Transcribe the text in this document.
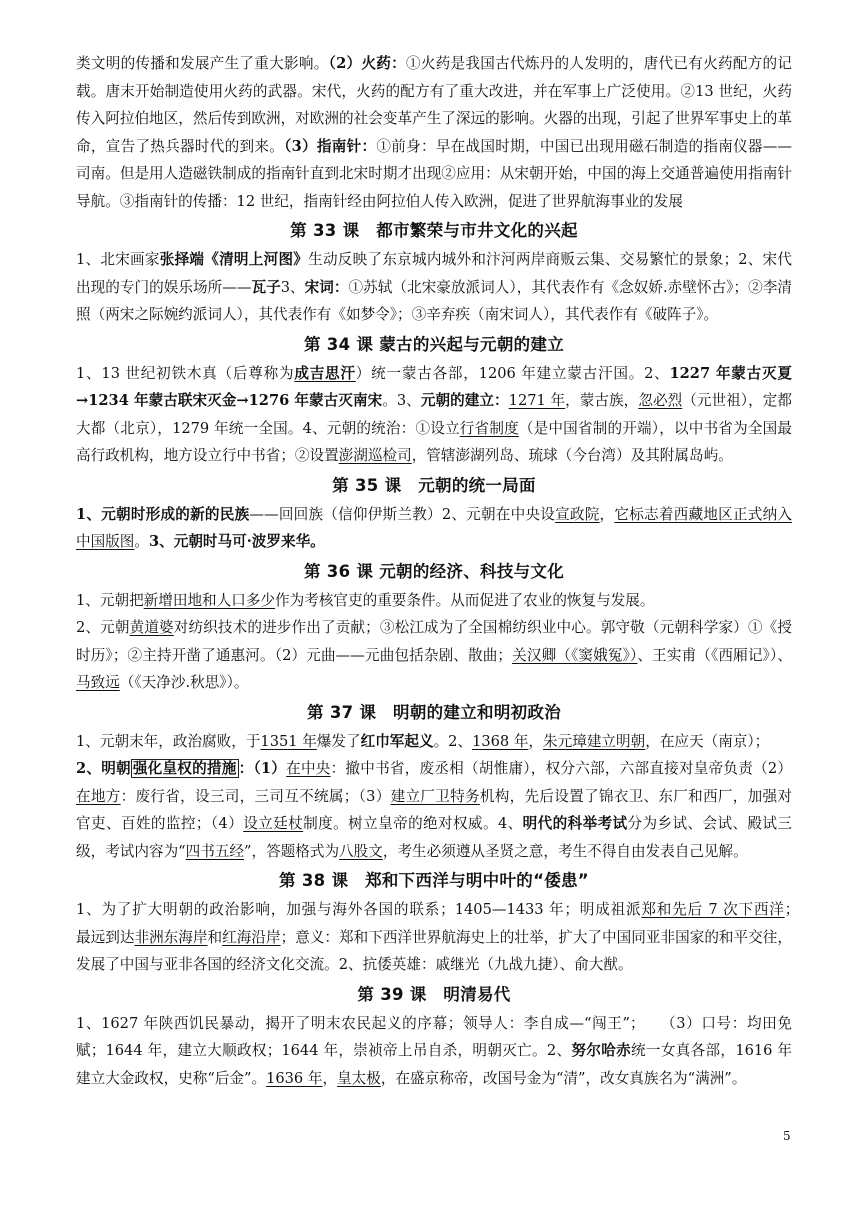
类文明的传播和发展产生了重大影响。（2）火药：①火药是我国古代炼丹的人发明的，唐代已有火药配方的记载。唐末开始制造使用火药的武器。宋代，火药的配方有了重大改进，并在军事上广泛使用。②13 世纪，火药传入阿拉伯地区，然后传到欧洲，对欧洲的社会变革产生了深远的影响。火器的出现，引起了世界军事史上的革命，宣告了热兵器时代的到来。（3）指南针：①前身：早在战国时期，中国已出现用磁石制造的指南仪器——司南。但是用人造磁铁制成的指南针直到北宋时期才出现②应用：从宋朝开始，中国的海上交通普遍使用指南针导航。③指南针的传播：12 世纪，指南针经由阿拉伯人传入欧洲，促进了世界航海事业的发展

第 33 课　都市繁荣与市井文化的兴起

1、北宋画家张择端《清明上河图》生动反映了东京城内城外和汴河两岸商贩云集、交易繁忙的景象；2、宋代出现的专门的娱乐场所——瓦子3、宋词：①苏轼（北宋豪放派词人），其代表作有《念奴娇.赤壁怀古》；②李清照（两宋之际婉约派词人），其代表作有《如梦令》；③辛弃疾（南宋词人），其代表作有《破阵子》。

第 34 课 蒙古的兴起与元朝的建立

1、13 世纪初铁木真（后尊称为成吉思汗）统一蒙古各部，1206 年建立蒙古汗国。2、1227 年蒙古灭夏→1234 年蒙古联宋灭金→1276 年蒙古灭南宋。3、元朝的建立：1271 年，蒙古族，忽必烈（元世祖），定都大都（北京），1279 年统一全国。4、元朝的统治：①设立行省制度（是中国省制的开端），以中书省为全国最高行政机构，地方设立行中书省；②设置澎湖巡检司，管辖澎湖列岛、琉球（今台湾）及其附属岛屿。

第 35 课　元朝的统一局面

1、元朝时形成的新的民族——回回族（信仰伊斯兰教）2、元朝在中央设宣政院，它标志着西藏地区正式纳入中国版图。3、元朝时马可·波罗来华。

第 36 课 元朝的经济、科技与文化

1、元朝把新增田地和人口多少作为考核官吏的重要条件。从而促进了农业的恢复与发展。

2、元朝黄道婆对纺织技术的进步作出了贡献；③松江成为了全国棉纺织业中心。郭守敬（元朝科学家）①《授时历》；②主持开凿了通惠河。（2）元曲——元曲包括杂剧、散曲；关汉卿（《窦娥冤》）、王实甫（《西厢记》）、马致远（《天净沙.秋思》）。

第 37 课　明朝的建立和明初政治

1、元朝末年，政治腐败，于1351 年爆发了红巾军起义。2、1368 年，朱元璋建立明朝，在应天（南京）；

2、明朝 强化皇权的措施 ：（1）在中央：撤中书省，废丞相（胡惟庸），权分六部，六部直接对皇帝负责（2）在地方：废行省，设三司，三司互不统属；（3）建立厂卫特务机构，先后设置了锦衣卫、东厂和西厂，加强对官吏、百姓的监控；（4）设立廷杖制度。树立皇帝的绝对权威。4、明代的科举考试分为乡试、会试、殿试三级，考试内容为“四书五经”，答题格式为八股文，考生必须遵从圣贤之意，考生不得自由发表自己见解。

第 38 课　郑和下西洋与明中叶的“倭患”

1、为了扩大明朝的政治影响，加强与海外各国的联系；1405—1433 年；明成祖派郑和先后 7 次下西洋；　　最远到达非洲东海岸和红海沿岸；意义：郑和下西洋世界航海史上的壮举，扩大了中国同亚非国家的和平交往，发展了中国与亚非各国的经济文化交流。2、抗倭英雄：戚继光（九战九捷）、俞大猷。

第 39 课　明清易代

1、1627 年陕西饥民暴动，揭开了明末农民起义的序幕；领导人：李自成—“闯王”；　　（3）口号：均田免赋；1644 年，建立大顺政权；1644 年，崇祯帝上吊自杀，明朝灭亡。2、努尔哈赤统一女真各部，1616 年建立大金政权，史称“后金”。1636 年，皇太极，在盛京称帝，改国号金为“清”，改女真族名为“满洲”。

5
